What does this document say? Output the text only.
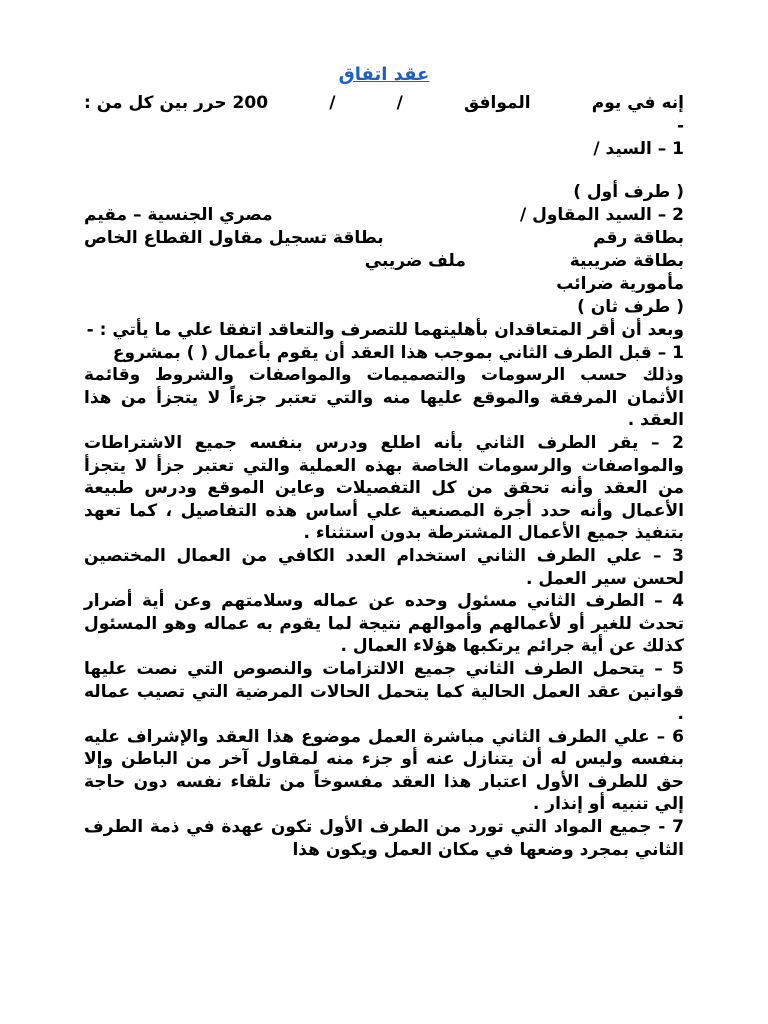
عقد اتفاق
إنه في يوم
الموافق
/
/
200 حرر بين كل من :
-
1 – السيد /
( طرف أول )
2 – السيد المقاول /
مصري الجنسية – مقيم
بطاقة رقم
بطاقة تسجيل مقاول القطاع الخاص
بطاقة ضريبية  ملف ضريبي
مأمورية ضرائب
( طرف ثان )

وبعد أن أقر المتعاقدان بأهليتهما للتصرف والتعاقد اتفقا علي ما يأتي : -

1 – قبل الطرف الثاني بموجب هذا العقد أن يقوم بأعمال ( ) بمشروع

وذلك حسب الرسومات والتصميمات والمواصفات والشروط وقائمة الأثمان المرفقة والموقع عليها منه والتي تعتبر جزءاً لا يتجزأ من هذا العقد .

2 – يقر الطرف الثاني بأنه اطلع ودرس بنفسه جميع الاشتراطات والمواصفات والرسومات الخاصة بهذه العملية والتي تعتبر جزأ لا يتجزأ من العقد وأنه تحقق من كل التفصيلات وعاين الموقع ودرس طبيعة الأعمال وأنه حدد أجرة المصنعية علي أساس هذه التفاصيل ، كما تعهد بتنفيذ جميع الأعمال المشترطة بدون استثناء .

3 – علي الطرف الثاني استخدام العدد الكافي من العمال المختصين لحسن سير العمل .

4 – الطرف الثاني مسئول وحده عن عماله وسلامتهم وعن أية أضرار تحدث للغير أو لأعمالهم وأموالهم نتيجة لما يقوم به عماله وهو المسئول كذلك عن أية جرائم يرتكبها هؤلاء العمال .

5 – يتحمل الطرف الثاني جميع الالتزامات والنصوص التي نصت عليها قوانين عقد العمل الحالية كما يتحمل الحالات المرضية التي تصيب عماله .

6 – علي الطرف الثاني مباشرة العمل موضوع هذا العقد والإشراف عليه بنفسه وليس له أن يتنازل عنه أو جزء منه لمقاول آخر من الباطن وإلا حق للطرف الأول اعتبار هذا العقد مفسوخاً من تلقاء نفسه دون حاجة إلي تنبيه أو إنذار .

7 - جميع المواد التي تورد من الطرف الأول تكون عهدة في ذمة الطرف الثاني بمجرد وضعها في مكان العمل ويكون هذا
